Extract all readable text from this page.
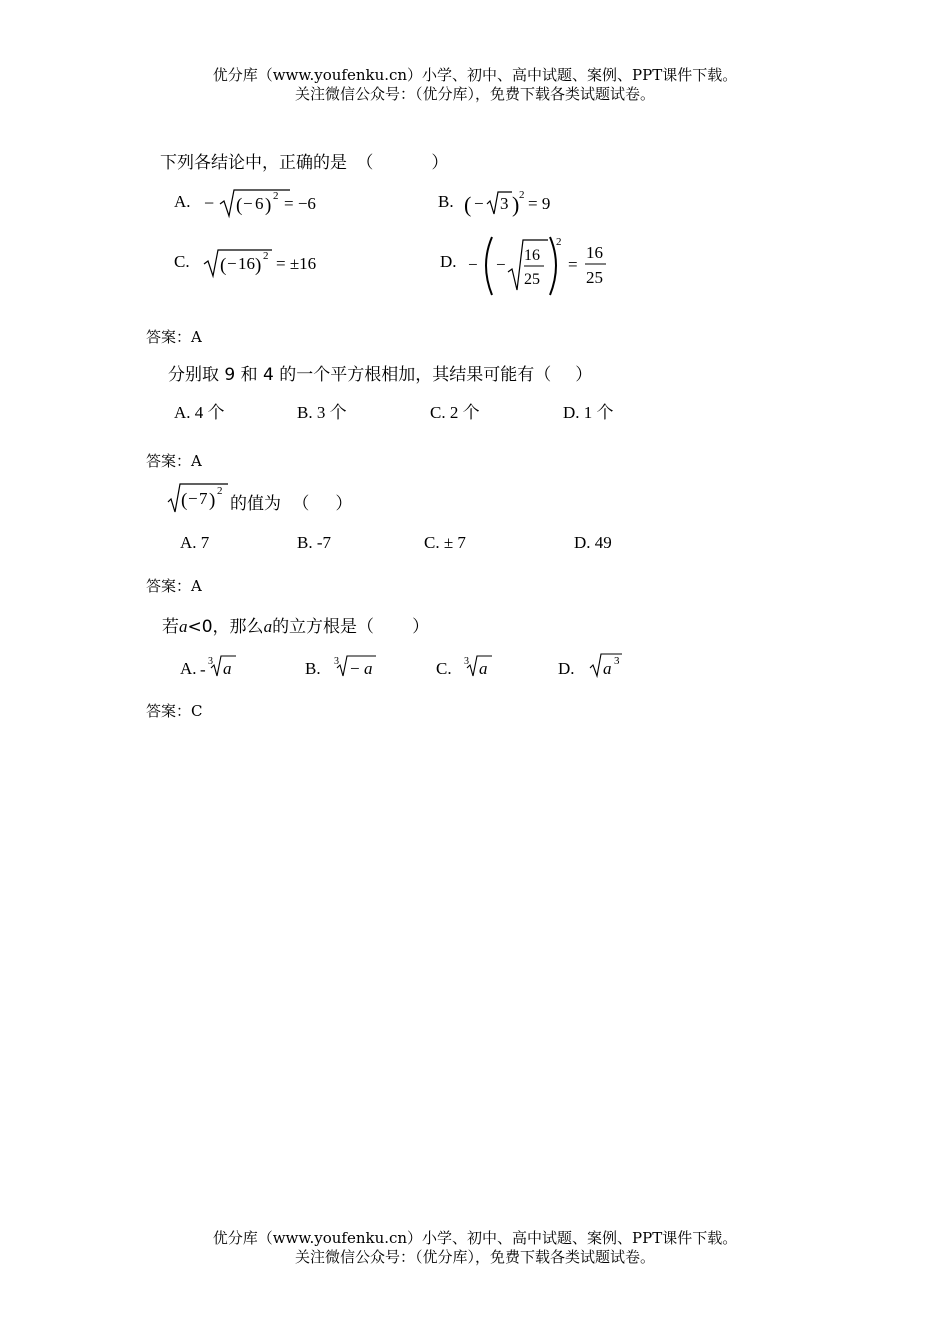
优分库（www.youfenku.cn）小学、初中、高中试题、案例、PPT课件下载。
关注微信公众号：（优分库），免费下载各类试题试卷。
下列各结论中，正确的是 （	）
A. − ( − 6 ) 2 = −6	B. ( − 3 ) 2 = 9
C. ( − 16 ) 2 = ±16	D. − − 16
25
2
=
16
25
答案：A
分别取 9 和 4 的一个平方根相加，其结果可能有（ ）
A. 4 个	B. 3 个	C. 2 个	D. 1 个
答案：A
( − 7 ) 2
的值为 （ ）
A. 7	B. -7	C. ± 7	D. 49
答案：A
若a<0，那么a的立方根是（ ）
A. - 3 a	B. 3 − a	C. 3 a	D. a 3
答案：C
优分库（www.youfenku.cn）小学、初中、高中试题、案例、PPT课件下载。
关注微信公众号：（优分库），免费下载各类试题试卷。
